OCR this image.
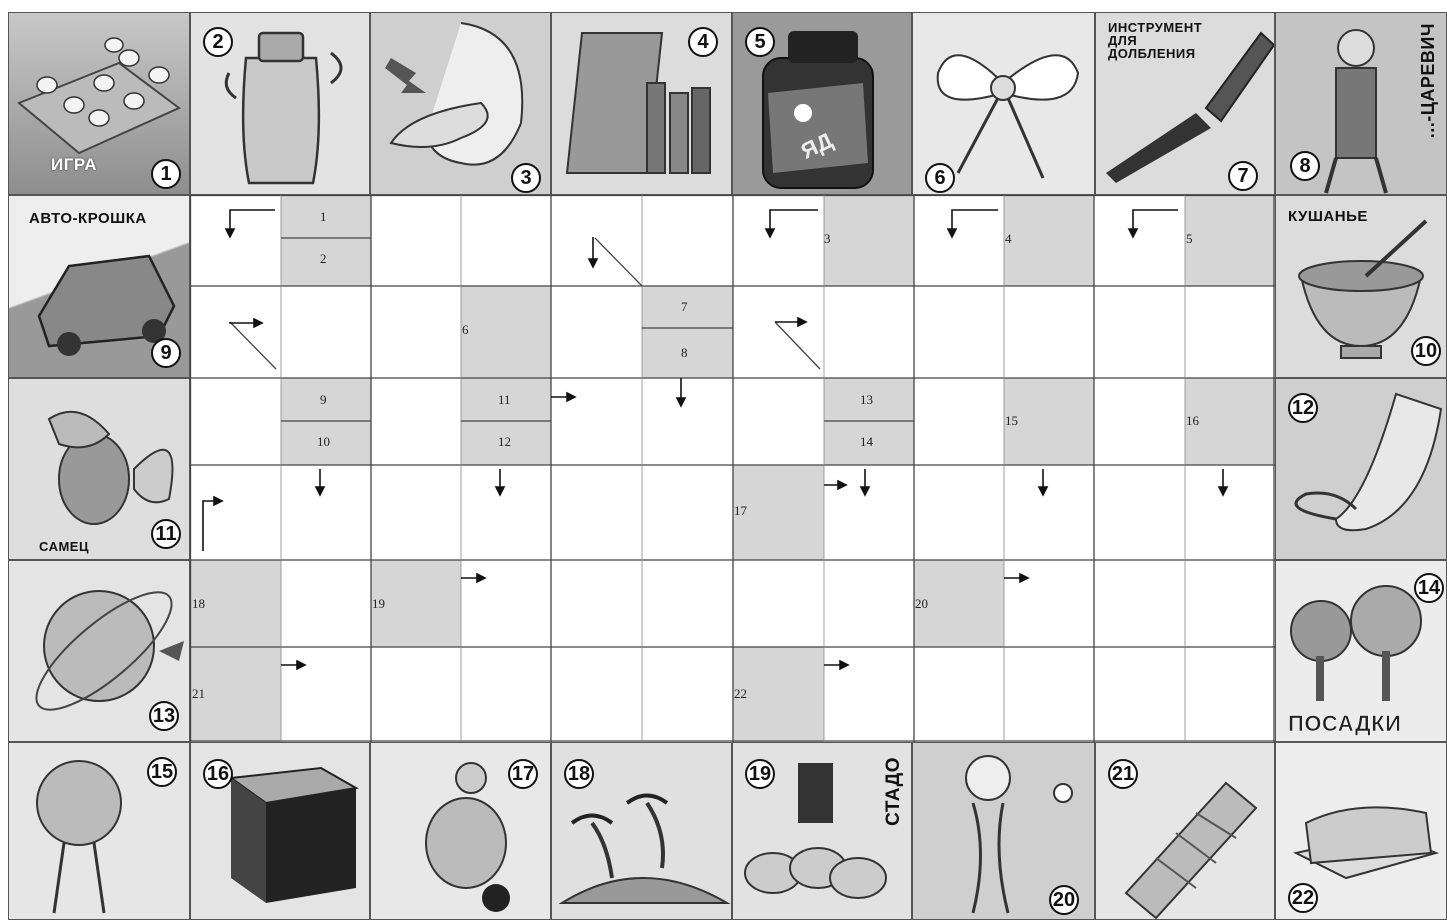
ИГРА	1
2
3
4
ЯД
5
6
ИНСТРУМЕНТ ДЛЯ ДОЛБЛЕНИЯ
7
...-ЦАРЕВИЧ
8
АВТО-КРОШКА
9
САМЕЦ
11
13
КУШАНЬЕ
10
12
ПОСАДКИ
14
15 16	17 18	СТАДО
19
20
21
22
1
2
3	4	5
6
7
8
9
10
11
12
13
14
15	16
17
18	19	20
21	22
